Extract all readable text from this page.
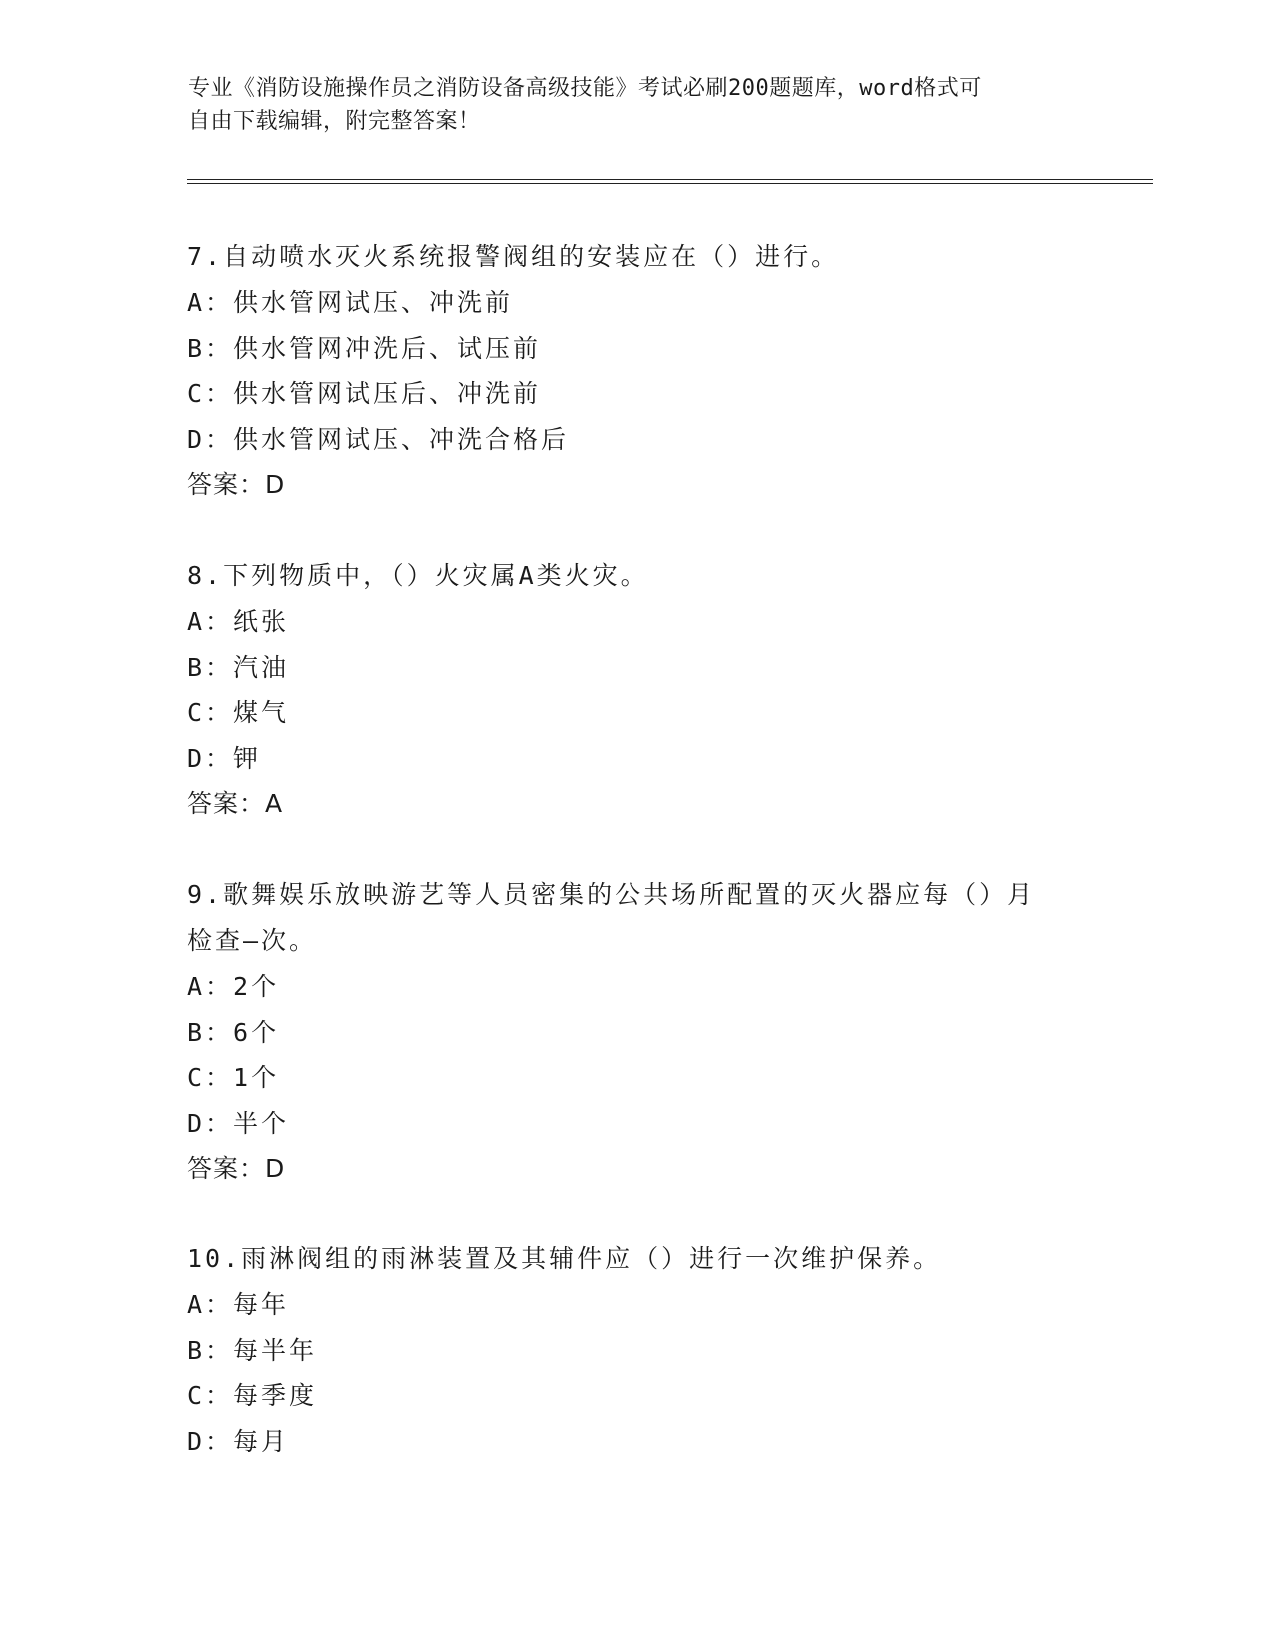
专业《消防设施操作员之消防设备高级技能》考试必刷200题题库，word格式可
自由下载编辑，附完整答案！
7.自动喷水灭火系统报警阀组的安装应在（）进行。
A：供水管网试压、冲洗前
B：供水管网冲洗后、试压前
C：供水管网试压后、冲洗前
D：供水管网试压、冲洗合格后
答案：D
8.下列物质中，（）火灾属A类火灾。
A：纸张
B：汽油
C：煤气
D：钾
答案：A
9.歌舞娱乐放映游艺等人员密集的公共场所配置的灭火器应每（）月
检查—次。
A：2个
B：6个
C：1个
D：半个
答案：D
10.雨淋阀组的雨淋装置及其辅件应（）进行一次维护保养。
A：每年
B：每半年
C：每季度
D：每月
